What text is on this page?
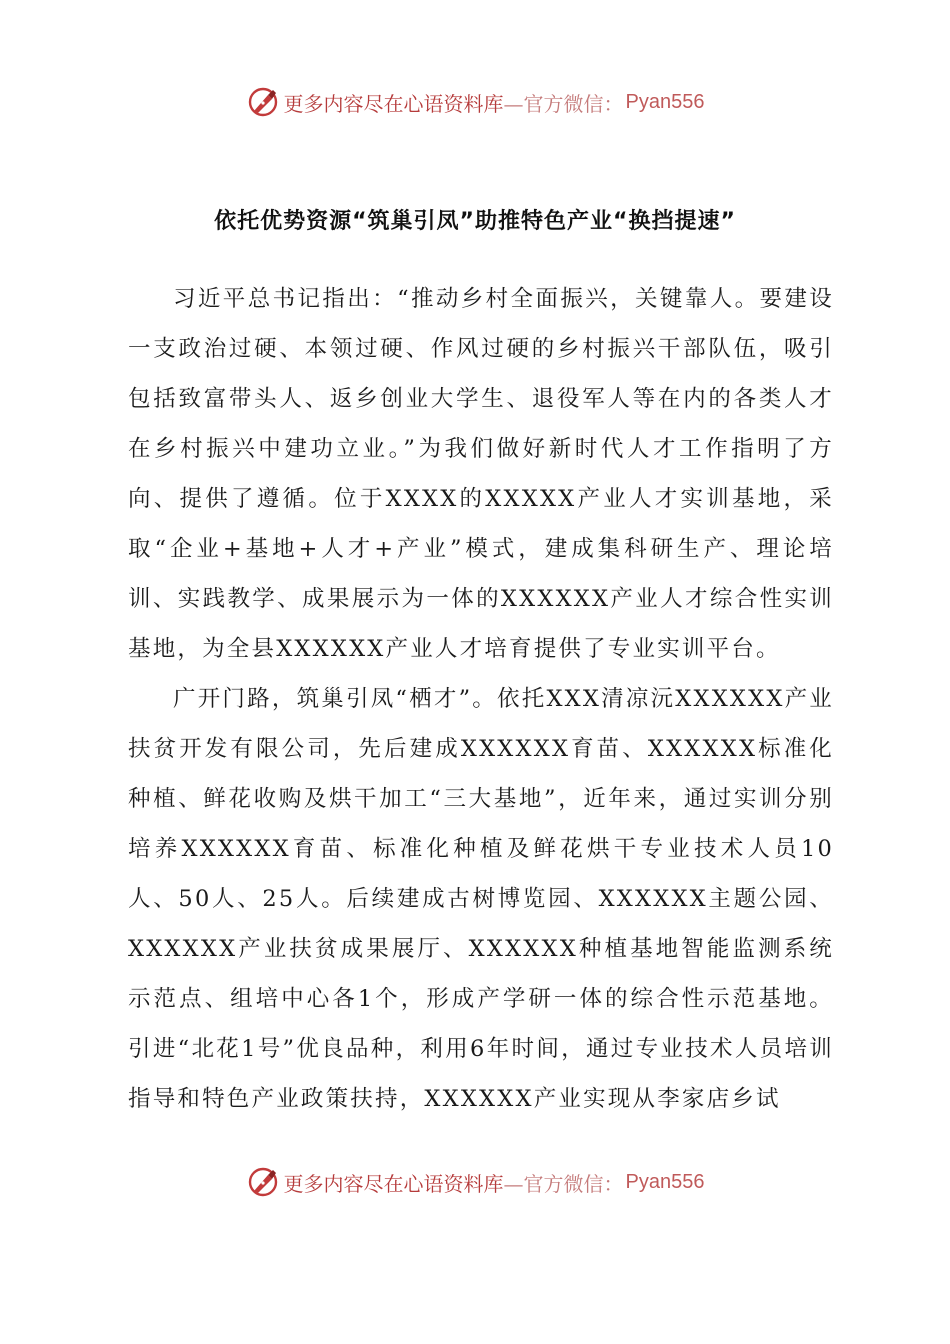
更多内容尽在心语资料库 —官方微信： Pyan556
依托优势资源“筑巢引凤”助推特色产业“换挡提速”

习近平总书记指出：“推动乡村全面振兴，关键靠人。要建设一支政治过硬、本领过硬、作风过硬的乡村振兴干部队伍，吸引包括致富带头人、返乡创业大学生、退役军人等在内的各类人才在乡村振兴中建功立业。”为我们做好新时代人才工作指明了方向、提供了遵循。位于XXXX的XXXXX产业人才实训基地，采取“企业+基地+人才+产业”模式，建成集科研生产、理论培训、实践教学、成果展示为一体的XXXXXX产业人才综合性实训基地，为全县XXXXXX产业人才培育提供了专业实训平台。

广开门路，筑巢引凤“栖才”。依托XXX清凉沅XXXXXX产业扶贫开发有限公司，先后建成XXXXXX育苗、XXXXXX标准化种植、鲜花收购及烘干加工“三大基地”，近年来，通过实训分别培养XXXXXX育苗、标准化种植及鲜花烘干专业技术人员10人、50人、25人。后续建成古树博览园、XXXXXX主题公园、XXXXXX产业扶贫成果展厅、XXXXXX种植基地智能监测系统示范点、组培中心各1个，形成产学研一体的综合性示范基地。引进“北花1号”优良品种，利用6年时间，通过专业技术人员培训指导和特色产业政策扶持，XXXXXX产业实现从李家店乡试

更多内容尽在心语资料库 —官方微信： Pyan556
